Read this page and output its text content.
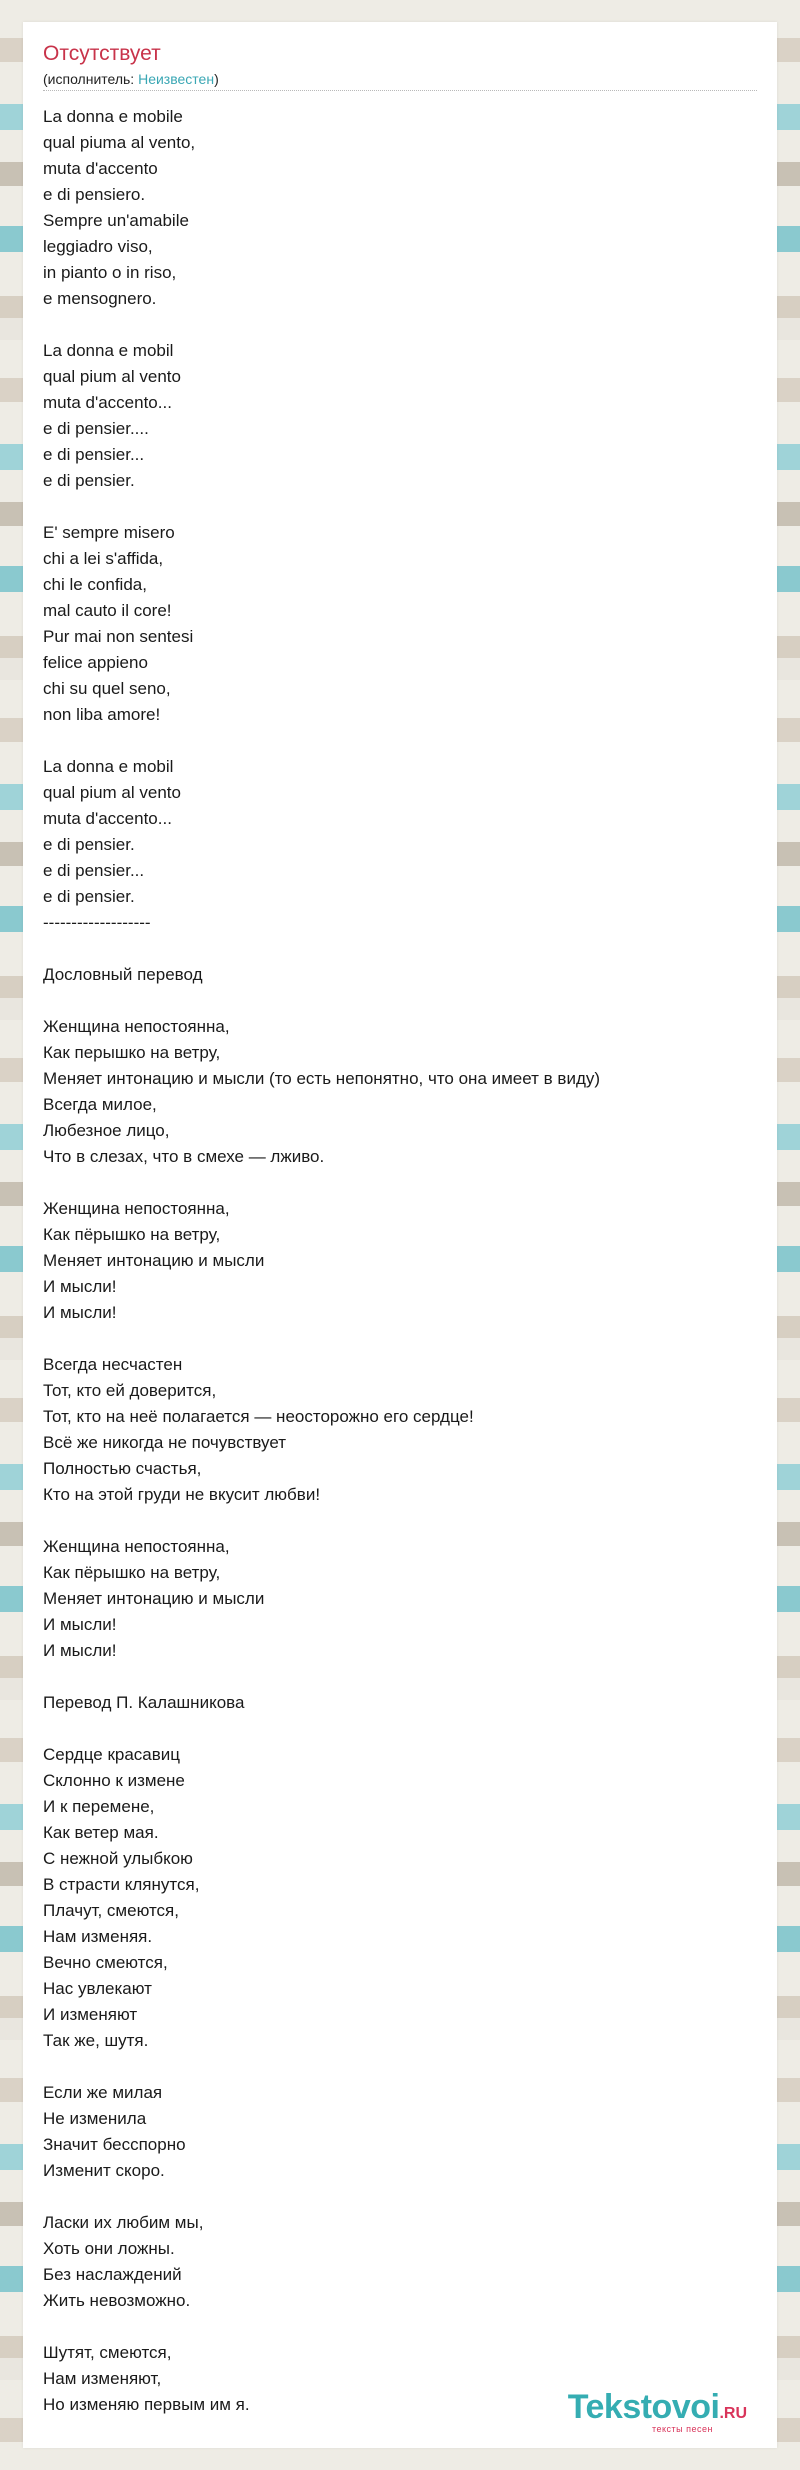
Отсутствует
(исполнитель: Неизвестен)
La donna e mobile
qual piuma al vento,
muta d'accento
e di pensiero.
Sempre un'amabile
leggiadro viso,
in pianto o in riso,
e mensognero.

La donna e mobil
qual pium al vento
muta d'accento...
e di pensier....
e di pensier...
e di pensier.

E' sempre misero
chi a lei s'affida,
chi le confida,
mal cauto il core!
Pur mai non sentesi
felice appieno
chi su quel seno,
non liba amore!

La donna e mobil
qual pium al vento
muta d'accento...
e di pensier.
e di pensier...
e di pensier.
-------------------

Дословный перевод

Женщина непостоянна,
Как перышко на ветру,
Меняет интонацию и мысли (то есть непонятно, что она имеет в виду)
Всегда милое,
Любезное лицо,
Что в слезах, что в смехе — лживо.

Женщина непостоянна,
Как пёрышко на ветру,
Меняет интонацию и мысли
И мысли!
И мысли!

Всегда несчастен
Тот, кто ей доверится,
Тот, кто на неё полагается — неосторожно его сердце!
Всё же никогда не почувствует
Полностью счастья,
Кто на этой груди не вкусит любви!

Женщина непостоянна,
Как пёрышко на ветру,
Меняет интонацию и мысли
И мысли!
И мысли!

Перевод П. Калашникова

Сердце красавиц
Склонно к измене
И к перемене,
Как ветер мая.
С нежной улыбкою
В страсти клянутся,
Плачут, смеются,
Нам изменяя.
Вечно смеются,
Нас увлекают
И изменяют
Так же, шутя.

Если же милая
Не изменила
Значит бесспорно
Изменит скоро.

Ласки их любим мы,
Хоть они ложны.
Без наслаждений
Жить невозможно.

Шутят, смеются,
Нам изменяют,
Но изменяю первым им я.	Tekstovoi.RU
тексты песен
